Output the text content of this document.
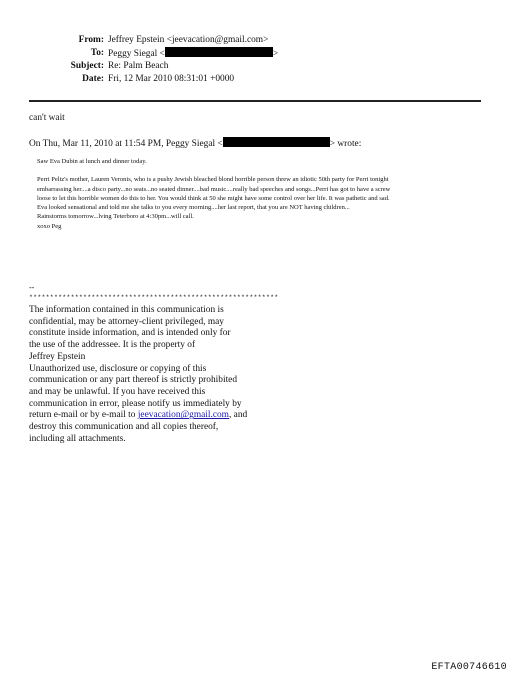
From: Jeffrey Epstein <jeevacation@gmail.com>
To: Peggy Siegal <	>
Subject: Re: Palm Beach
Date: Fri, 12 Mar 2010 08:31:01 +0000
can't wait
On Thu, Mar 11, 2010 at 11:54 PM, Peggy Siegal <	> wrote:
Saw Eva Dubin at lunch and dinner today.
Perri Peltz's mother, Lauren Veronis, who is a pushy Jewish bleached blond horrible person threw an idiotic 50th party for Perri tonight
embarrassing her....a disco party...no seats...no seated dinner....bad music....really bad speeches and songs...Perri has got to have a screw
loose to let this horrible women do this to her. You would think at 50 she might have some control over her life. It was pathetic and sad.
Eva looked sensational and told me she talks to you every morning....her last report, that you are NOT having children...
Rainstorms tomorrow...lving Teterboro at 4:30pm...will call.
xoxo Peg
--
************************************************************
The information contained in this communication is
confidential, may be attorney-client privileged, may
constitute inside information, and is intended only for
the use of the addressee. It is the property of
Jeffrey Epstein
Unauthorized use, disclosure or copying of this
communication or any part thereof is strictly prohibited
and may be unlawful. If you have received this
communication in error, please notify us immediately by
return e-mail or by e-mail to jeevacation@gmail.com, and
destroy this communication and all copies thereof,
including all attachments.
EFTA00746610
